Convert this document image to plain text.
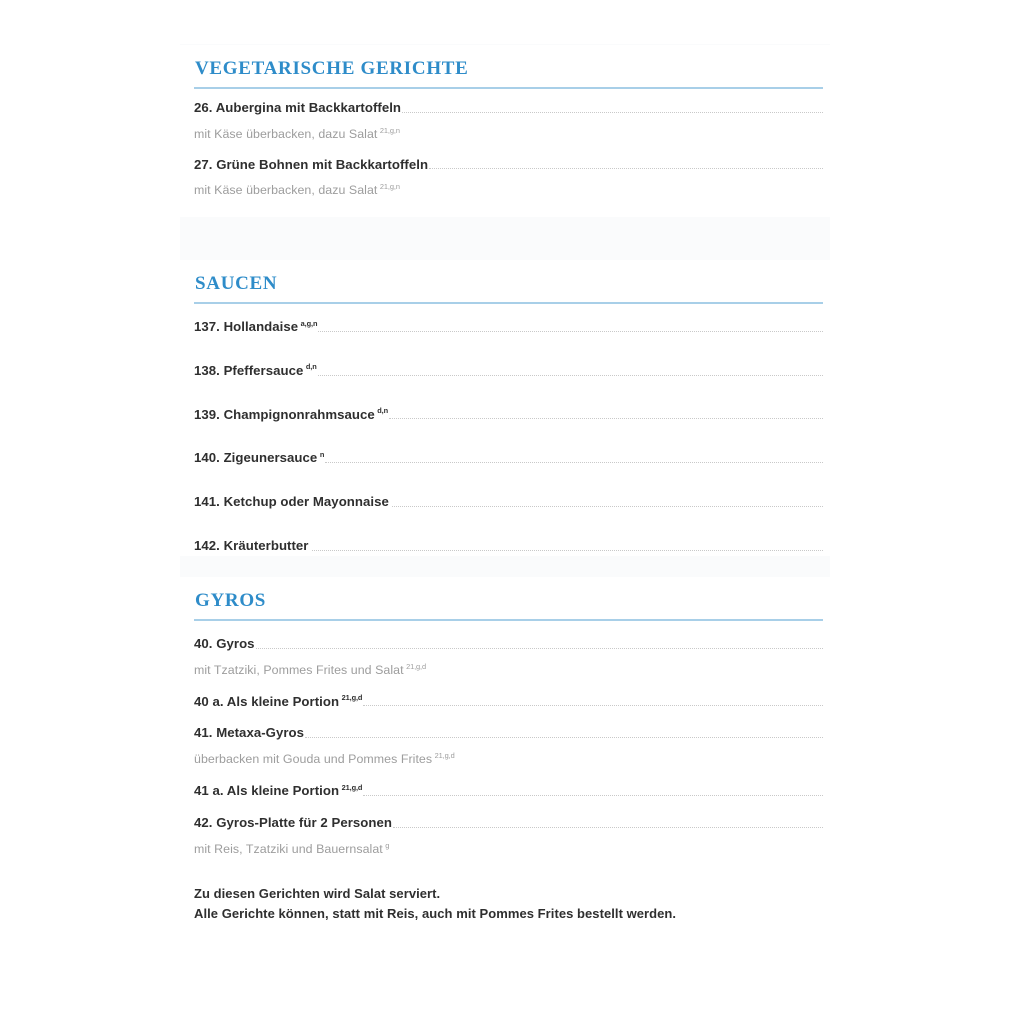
VEGETARISCHE GERICHTE
26. Aubergina mit Backkartoffeln
mit Käse überbacken, dazu Salat $^{21,g,n}$
27. Grüne Bohnen mit Backkartoffeln
mit Käse überbacken, dazu Salat $^{21,g,n}$
SAUCEN
137. Hollandaise $^{a,g,n}$
138. Pfeffersauce $^{d,n}$
139. Champignonrahmsauce $^{d,n}$
140. Zigeunersauce $^n$
141. Ketchup oder Mayonnaise
142. Kräuterbutter
GYROS
40. Gyros
mit Tzatziki, Pommes Frites und Salat $^{21,g,d}$
40 a. Als kleine Portion $^{21,g,d}$
41. Metaxa-Gyros
überbacken mit Gouda und Pommes Frites $^{21,g,d}$
41 a. Als kleine Portion $^{21,g,d}$
42. Gyros-Platte für 2 Personen
mit Reis, Tzatziki und Bauernsalat $^g$
Zu diesen Gerichten wird Salat serviert.
Alle Gerichte können, statt mit Reis, auch mit Pommes Frites bestellt werden.
